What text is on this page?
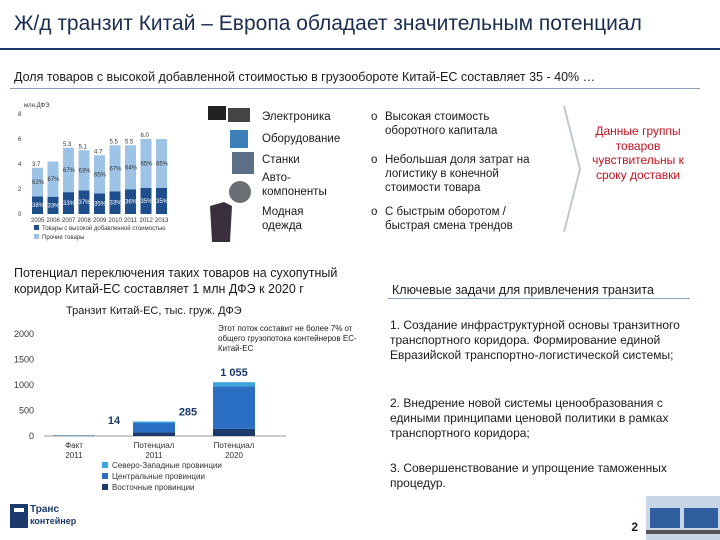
Ж/д транзит Китай – Европа обладает значительным потенциал
Доля товаров с высокой добавленной стоимостью в грузообороте Китай-ЕС составляет 35 - 40% …
млн.ДФЭ
0
2
4
6
8
38%
62%
3.7
2005
33%
67%
2006
33%
67%
5.3
2007
37%
63%
5.1
2008
35%
65%
4.7
2009
33%
67%
5.5
2010
36%
64%
5.5
2011
35%
65%
6.0
2012
35%
65%
2013
Товары с высокой добавленной стоимостью
Прочие товары
Электроника
Оборудование
Станки
Авто-
компоненты
Модная
одежда
o Высокая стоимость оборотного капитала
o Небольшая доля затрат на логистику в конечной стоимости товара
o С быстрым оборотом / быстрая смена трендов
Данные группы товаров чувствительны к сроку доставки
Потенциал переключения таких товаров на сухопутный коридор Китай-ЕС составляет 1 млн ДФЭ к 2020 г
Транзит Китай-ЕС, тыс. груж. ДФЭ
0
500
1000
1500
2000
14
Факт
2011
285
Потенциал
2011
1 055
Потенциал
2020
Северо-Западные провинции
Центральные провинции
Восточные провинции
Этот поток составит не более 7% от общего грузопотока контейнеров ЕС-Китай-ЕС
Ключевые задачи для привлечения транзита
1. Создание инфраструктурной основы транзитного транспортного коридора. Формирование единой Евразийской транспортно-логистической системы;
2. Внедрение новой системы ценообразования с едиными принципами ценовой политики в рамках транспортного коридора;
3. Совершенствование и упрощение таможенных процедур.
Транс
контейнер	2
